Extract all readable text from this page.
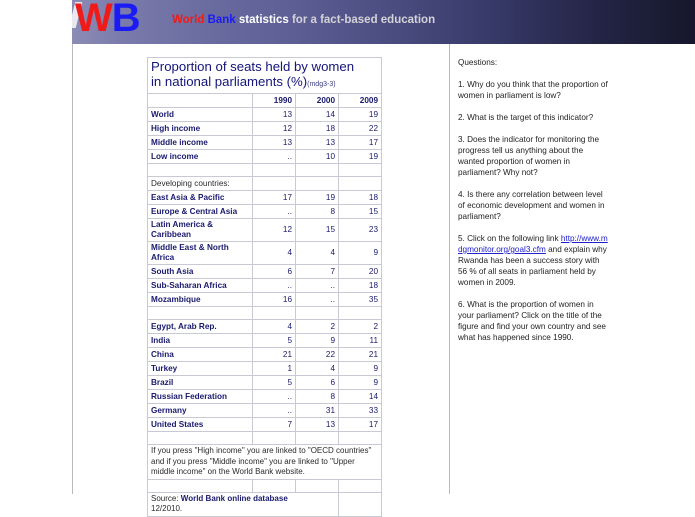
WB	World Bank statistics for a fact-based education
Proportion of seats held by women
in national parliaments (%)(mdg3-3)			
	1990	2000	2009
World	13	14	19
High income	12	18	22
Middle income	13	13	17
Low income	..	10	19

Developing countries:			
East Asia & Pacific	17	19	18
Europe & Central Asia	..	8	15
Latin America & Caribbean	12	15	23
Middle East & North Africa	4	4	9
South Asia	6	7	20
Sub-Saharan Africa	..	..	18
Mozambique	16	..	35

Egypt, Arab Rep.	4	2	2
India	5	9	11
China	21	22	21
Turkey	1	4	9
Brazil	5	6	9
Russian Federation	..	8	14
Germany	..	31	33
United States	7	13	17

If you press "High income" you are linked to "OECD countries" and if you press "Middle income" you are linked to "Upper middle income" on the World Bank website.			

Source: World Bank online database
12/2010.			
Questions:

1. Why do you think that the proportion of women in parliament is low?

2. What is the target of this indicator?

3. Does the indicator for monitoring the progress tell us anything about the wanted proportion of women in parliament? Why not?

4. Is there any correlation between level of economic development and women in parliament?

5. Click on the following link http://www.mdgmonitor.org/goal3.cfm and explain why Rwanda has been a success story with 56 % of all seats in parliament held by women in 2009.

6. What is the proportion of women in your parliament? Click on the title of the figure and find your own country and see what has happened since 1990.
